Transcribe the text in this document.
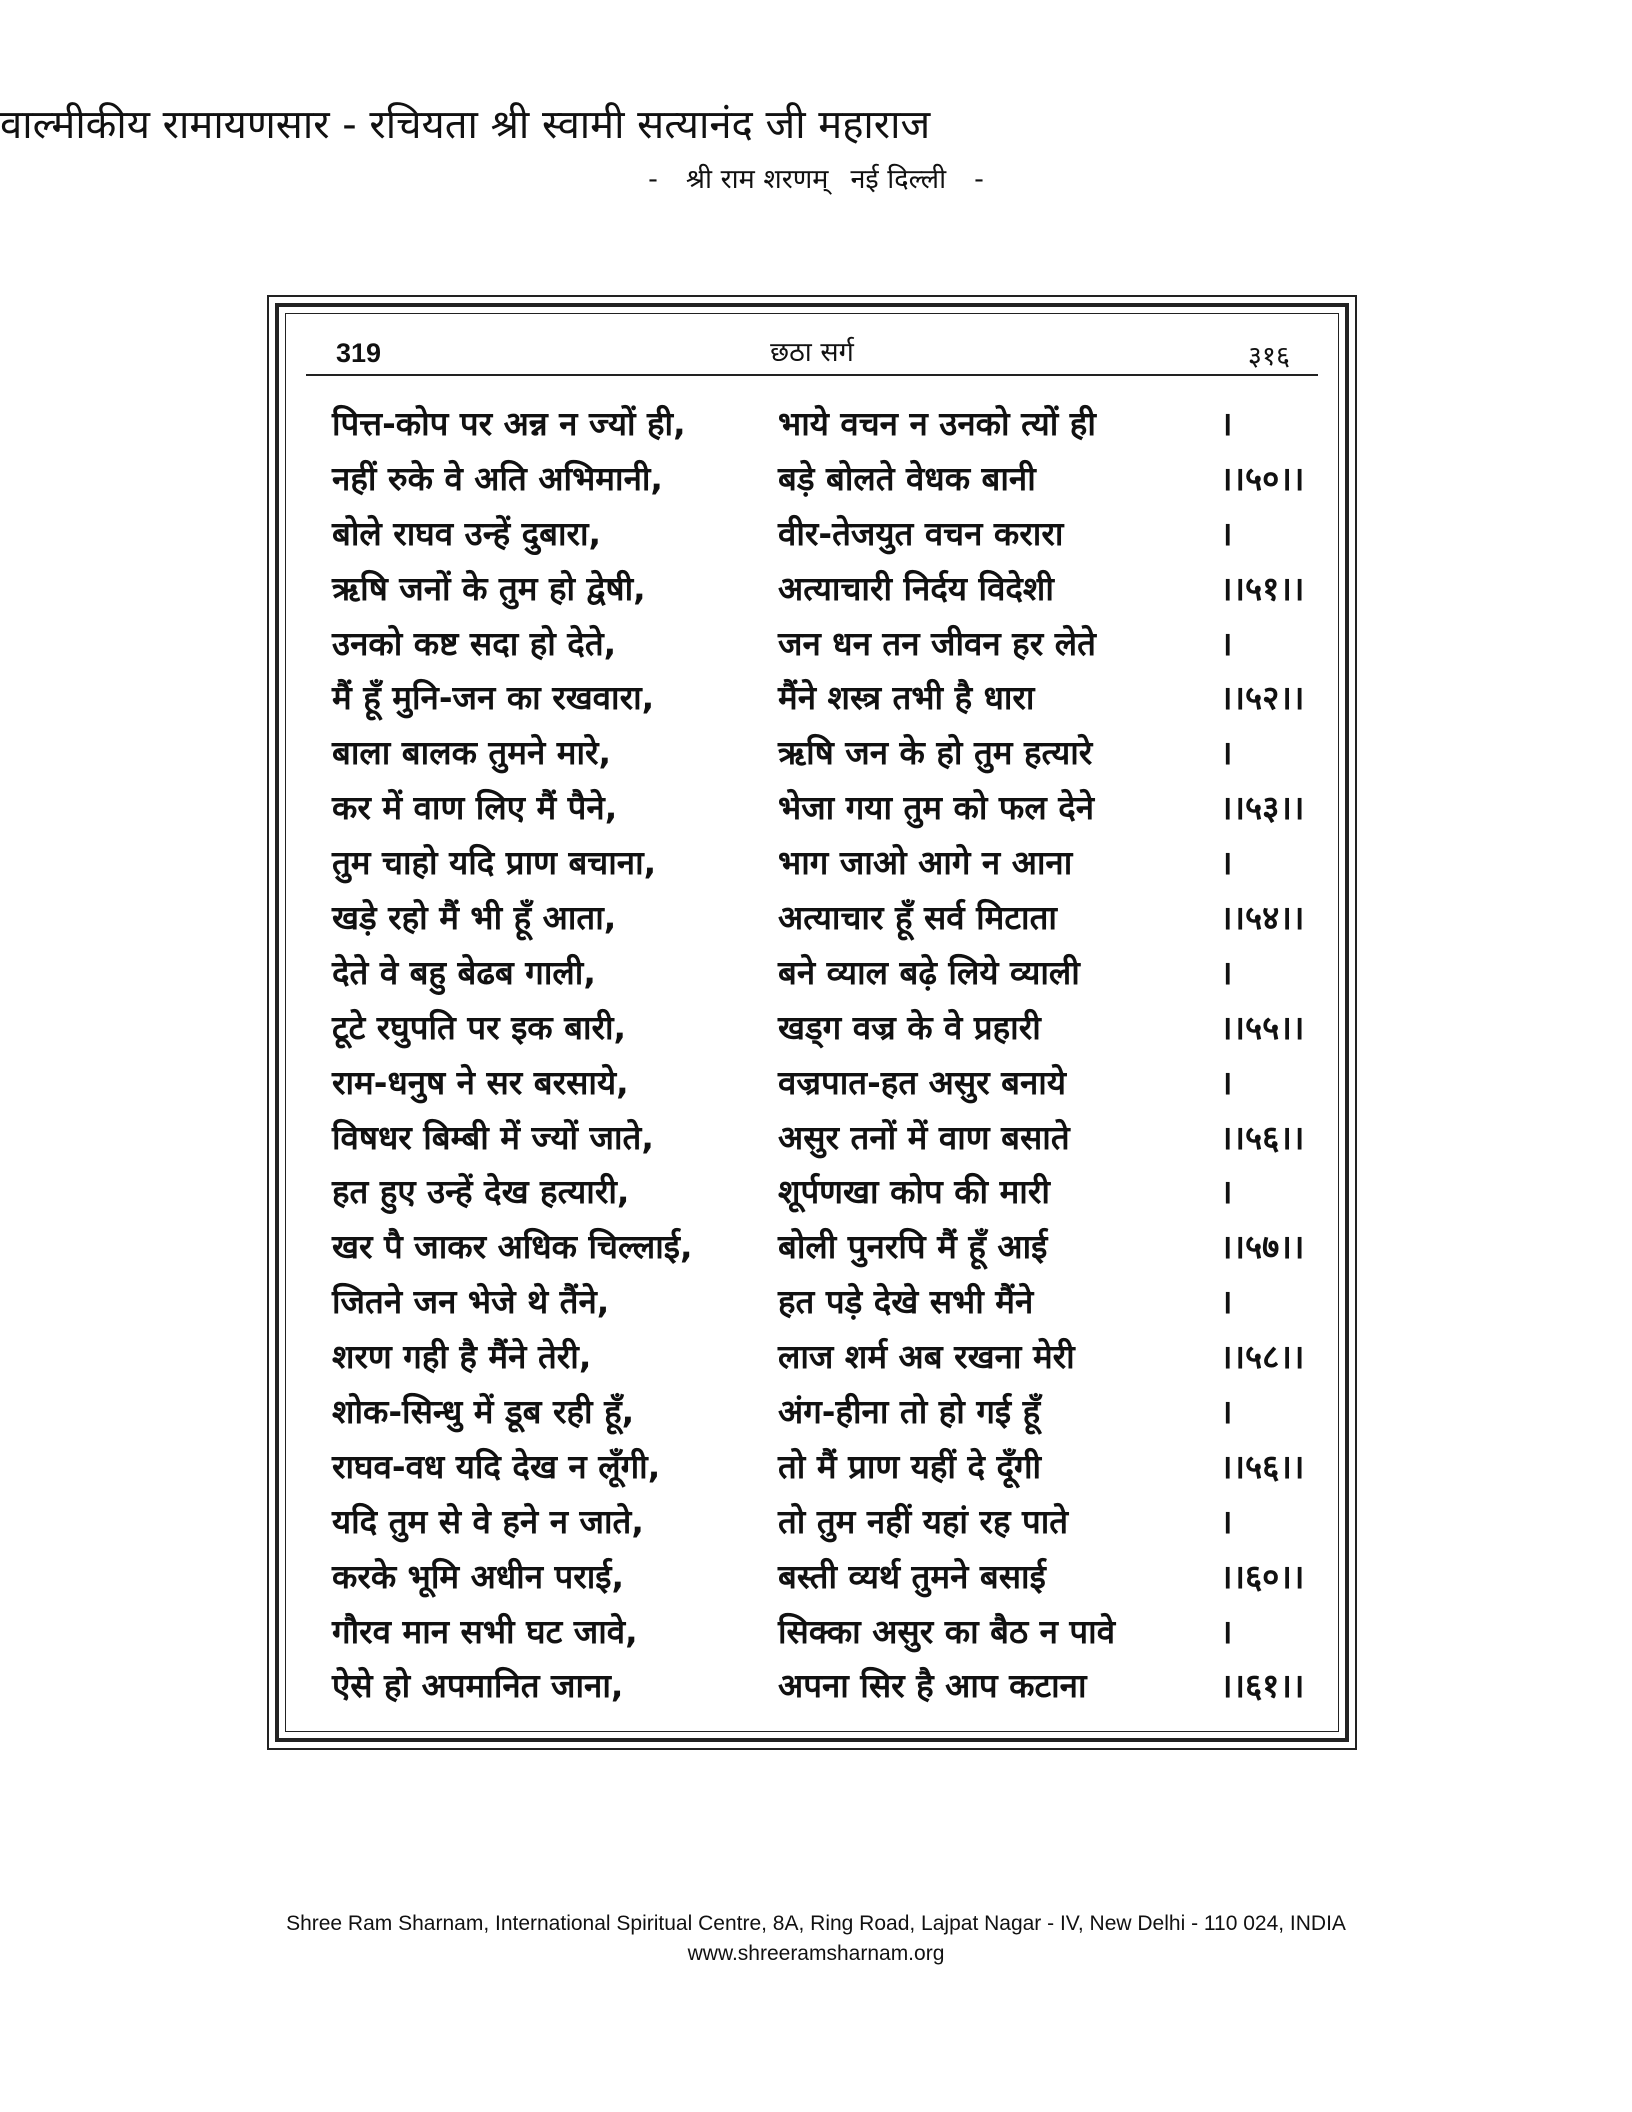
वाल्मीकीय रामायणसार - रचियता श्री स्वामी सत्यानंद जी महाराज
- श्री राम शरणम् नई दिल्ली -
319	छठा सर्ग	३१६
पित्त-कोप पर अन्न न ज्यों ही,	भाये वचन न उनको त्यों ही	।
नहीं रुके वे अति अभिमानी,	बड़े बोलते वेधक बानी	।।५०।।
बोले राघव उन्हें दुबारा,	वीर-तेजयुत वचन करारा	।
ऋषि जनों के तुम हो द्वेषी,	अत्याचारी निर्दय विदेशी	।।५१।।
उनको कष्ट सदा हो देते,	जन धन तन जीवन हर लेते	।
मैं हूँ मुनि-जन का रखवारा,	मैंने शस्त्र तभी है धारा	।।५२।।
बाला बालक तुमने मारे,	ऋषि जन के हो तुम हत्यारे	।
कर में वाण लिए मैं पैने,	भेजा गया तुम को फल देने	।।५३।।
तुम चाहो यदि प्राण बचाना,	भाग जाओ आगे न आना	।
खड़े रहो मैं भी हूँ आता,	अत्याचार हूँ सर्व मिटाता	।।५४।।
देते वे बहु बेढब गाली,	बने व्याल बढ़े लिये व्याली	।
टूटे रघुपति पर इक बारी,	खड्ग वज्र के वे प्रहारी	।।५५।।
राम-धनुष ने सर बरसाये,	वज्रपात-हत असुर बनाये	।
विषधर बिम्बी में ज्यों जाते,	असुर तनों में वाण बसाते	।।५६।।
हत हुए उन्हें देख हत्यारी,	शूर्पणखा कोप की मारी	।
खर पै जाकर अधिक चिल्लाई,	बोली पुनरपि मैं हूँ आई	।।५७।।
जितने जन भेजे थे तैंने,	हत पड़े देखे सभी मैंने	।
शरण गही है मैंने तेरी,	लाज शर्म अब रखना मेरी	।।५८।।
शोक-सिन्धु में डूब रही हूँ,	अंग-हीना तो हो गई हूँ	।
राघव-वध यदि देख न लूँगी,	तो मैं प्राण यहीं दे दूँगी	।।५६।।
यदि तुम से वे हने न जाते,	तो तुम नहीं यहां रह पाते	।
करके भूमि अधीन पराई,	बस्ती व्यर्थ तुमने बसाई	।।६०।।
गौरव मान सभी घट जावे,	सिक्का असुर का बैठ न पावे	।
ऐसे हो अपमानित जाना,	अपना सिर है आप कटाना	।।६१।।
Shree Ram Sharnam, International Spiritual Centre, 8A, Ring Road, Lajpat Nagar - IV, New Delhi - 110 024, INDIA
www.shreeramsharnam.org
